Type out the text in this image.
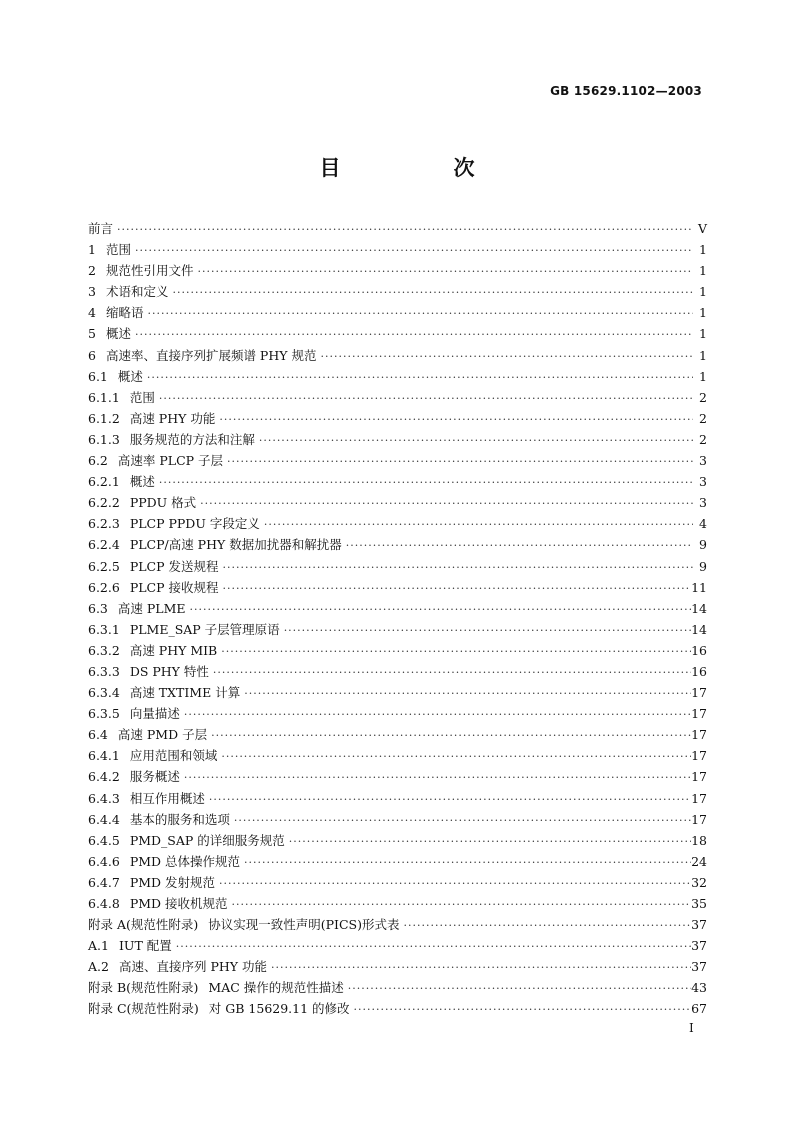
GB 15629.1102—2003
目　次
前言 ·····	V
1 范围 ·····	1
2 规范性引用文件 ·····	1
3 术语和定义 ·····	1
4 缩略语 ·····	1
5 概述 ·····	1
6 高速率、直接序列扩展频谱 PHY 规范 ·····	1
6.1 概述 ·····	1
6.1.1 范围 ·····	2
6.1.2 高速 PHY 功能 ·····	2
6.1.3 服务规范的方法和注解 ·····	2
6.2 高速率 PLCP 子层 ·····	3
6.2.1 概述 ·····	3
6.2.2 PPDU 格式 ·····	3
6.2.3 PLCP PPDU 字段定义 ·····	4
6.2.4 PLCP/高速 PHY 数据加扰器和解扰器 ·····	9
6.2.5 PLCP 发送规程 ·····	9
6.2.6 PLCP 接收规程 ·····	11
6.3 高速 PLME ·····	14
6.3.1 PLME_SAP 子层管理原语 ·····	14
6.3.2 高速 PHY MIB ·····	16
6.3.3 DS PHY 特性 ·····	16
6.3.4 高速 TXTIME 计算 ·····	17
6.3.5 向量描述 ·····	17
6.4 高速 PMD 子层 ·····	17
6.4.1 应用范围和领域 ·····	17
6.4.2 服务概述 ·····	17
6.4.3 相互作用概述 ·····	17
6.4.4 基本的服务和选项 ·····	17
6.4.5 PMD_SAP 的详细服务规范 ·····	18
6.4.6 PMD 总体操作规范 ·····	24
6.4.7 PMD 发射规范 ·····	32
6.4.8 PMD 接收机规范 ·····	35
附录 A(规范性附录) 协议实现一致性声明(PICS)形式表 ·····	37
A.1 IUT 配置 ·····	37
A.2 高速、直接序列 PHY 功能 ·····	37
附录 B(规范性附录) MAC 操作的规范性描述 ·····	43
附录 C(规范性附录) 对 GB 15629.11 的修改 ·····	67
I
